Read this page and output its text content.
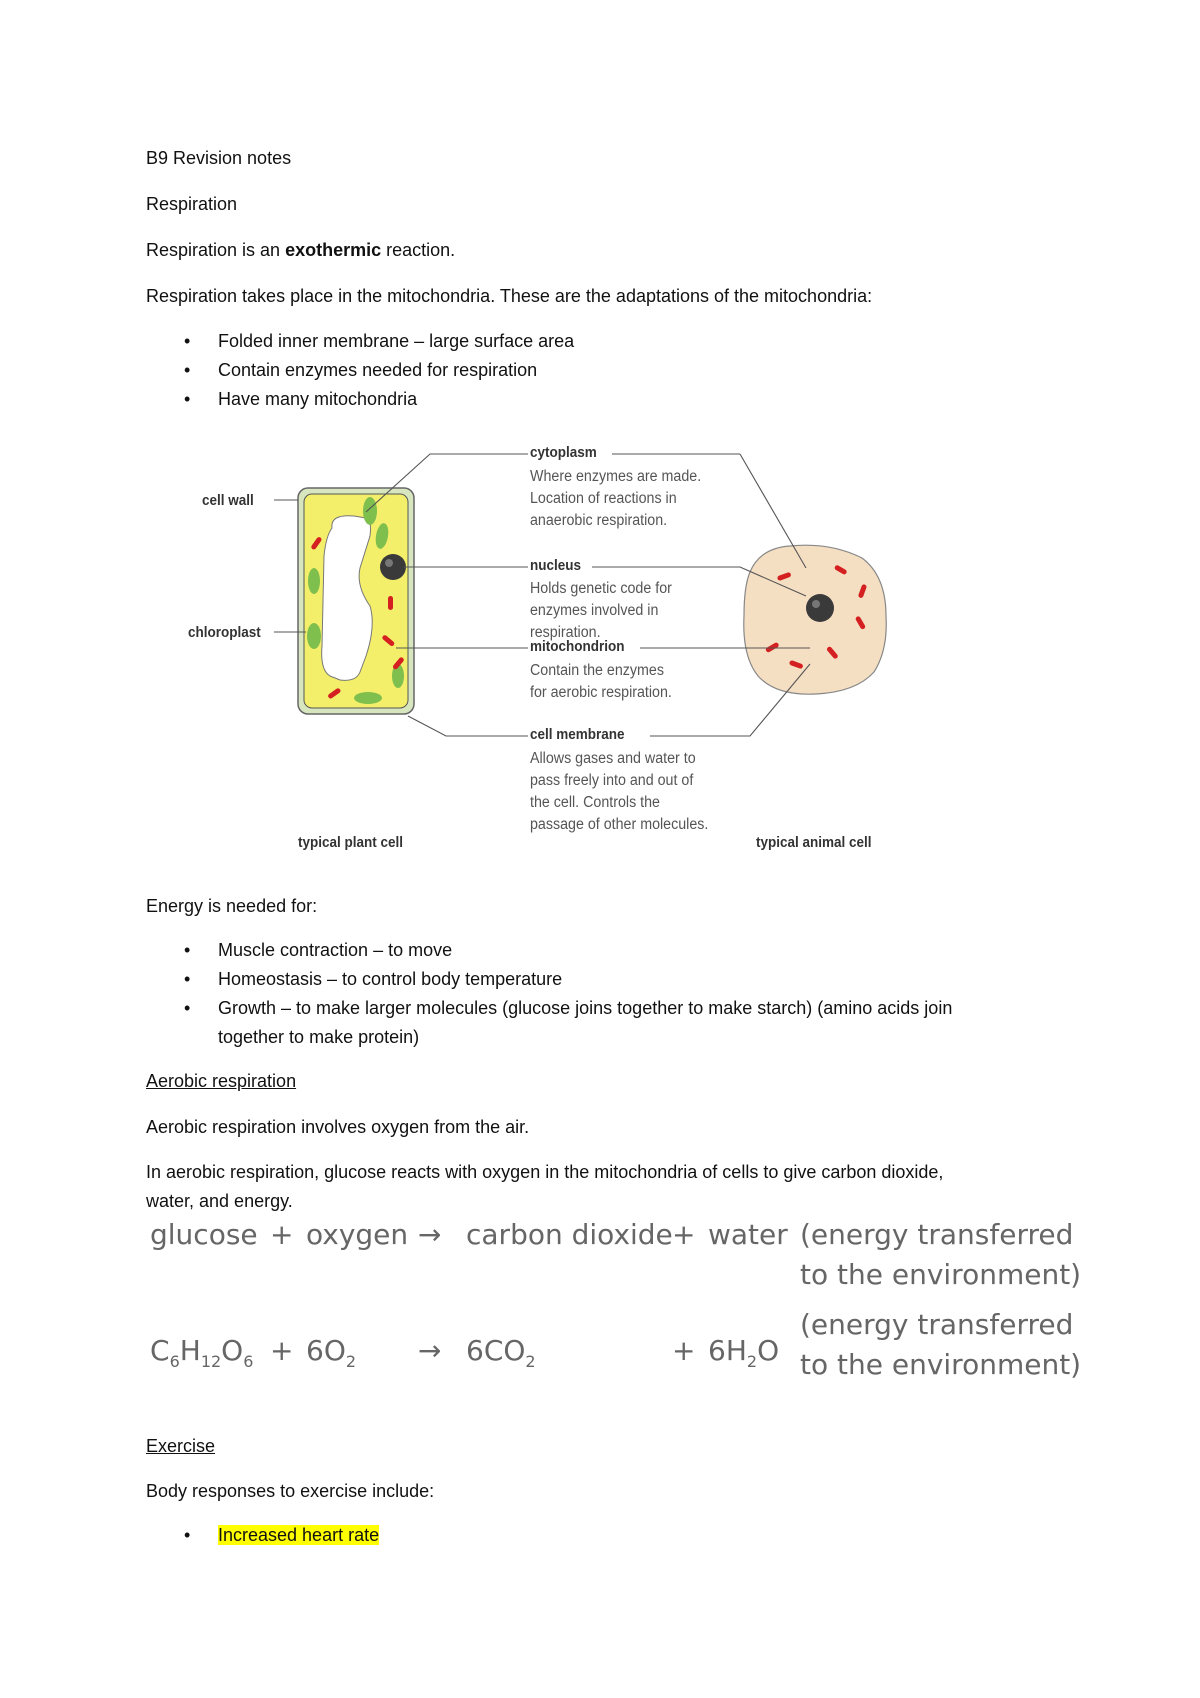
B9 Revision notes
Respiration
Respiration is an exothermic reaction.
Respiration takes place in the mitochondria. These are the adaptations of the mitochondria:
• Folded inner membrane – large surface area
• Contain enzymes needed for respiration
• Have many mitochondria
cell wall
chloroplast
cytoplasm
Where enzymes are made.
Location of reactions in
anaerobic respiration.
nucleus
Holds genetic code for
enzymes involved in
respiration.
mitochondrion
Contain the enzymes
for aerobic respiration.
cell membrane
Allows gases and water to
pass freely into and out of
the cell. Controls the
passage of other molecules.
typical plant cell	typical animal cell
Energy is needed for:
• Muscle contraction – to move
• Homeostasis – to control body temperature
• Growth – to make larger molecules (glucose joins together to make starch) (amino acids join
together to make protein)
Aerobic respiration
Aerobic respiration involves oxygen from the air.
In aerobic respiration, glucose reacts with oxygen in the mitochondria of cells to give carbon dioxide,
water, and energy.
glucose + oxygen → carbon dioxide + water (energy transferred
to the environment)
$C_6H_{12}O_6 + 6O_2 \to 6CO_2$	+ $6H_2O$
(energy transferred
to the environment)
Exercise
Body responses to exercise include:
• Increased heart rate
